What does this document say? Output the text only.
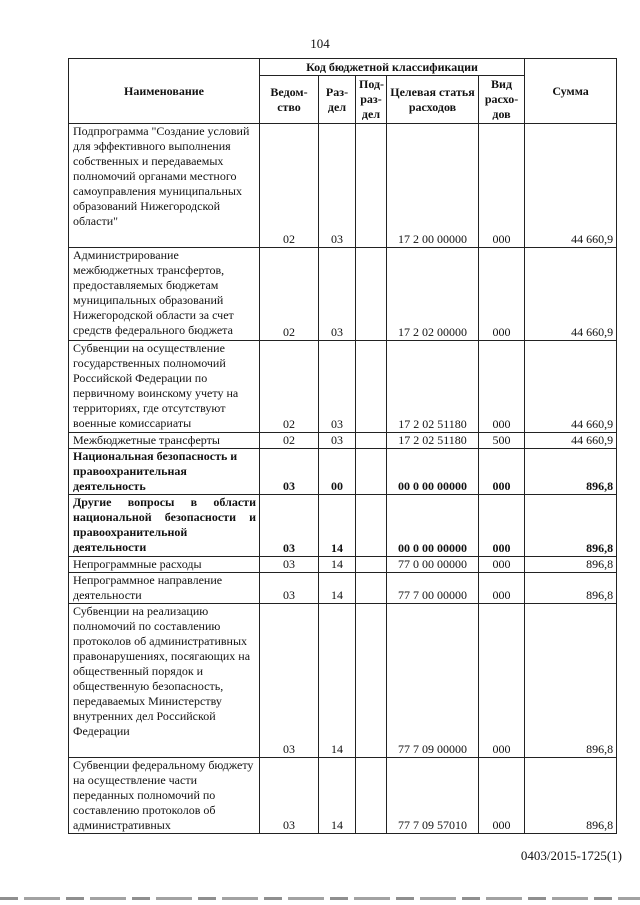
104
Наименование	Код бюджетной классификации					Сумма
	Ведом-ство	Раз-дел	Под-раз-дел	Целевая статья расходов	Вид расхо-дов	
Подпрограмма "Создание условий для эффективного выполнения собственных и передаваемых полномочий органами местного самоуправления муниципальных образований Нижегородской области"	02	03		17 2 00 00000	000	44 660,9
Администрирование межбюджетных трансфертов, предоставляемых бюджетам муниципальных образований Нижегородской области за счет средств федерального бюджета	02	03		17 2 02 00000	000	44 660,9
Субвенции на осуществление государственных полномочий Российской Федерации по первичному воинскому учету на территориях, где отсутствуют военные комиссариаты	02	03		17 2 02 51180	000	44 660,9
Межбюджетные трансферты	02	03		17 2 02 51180	500	44 660,9
Национальная безопасность и правоохранительная деятельность	03	00		00 0 00 00000	000	896,8
Другие вопросы в области национальной безопасности и правоохранительной деятельности	03	14		00 0 00 00000	000	896,8
Непрограммные расходы	03	14		77 0 00 00000	000	896,8
Непрограммное направление деятельности	03	14		77 7 00 00000	000	896,8
Субвенции на реализацию полномочий по составлению протоколов об административных правонарушениях, посягающих на общественный порядок и общественную безопасность, передаваемых Министерству внутренних дел Российской Федерации	03	14		77 7 09 00000	000	896,8
Субвенции федеральному бюджету на осуществление части переданных полномочий по составлению протоколов об административных	03	14		77 7 09 57010	000	896,8
0403/2015-1725(1)
